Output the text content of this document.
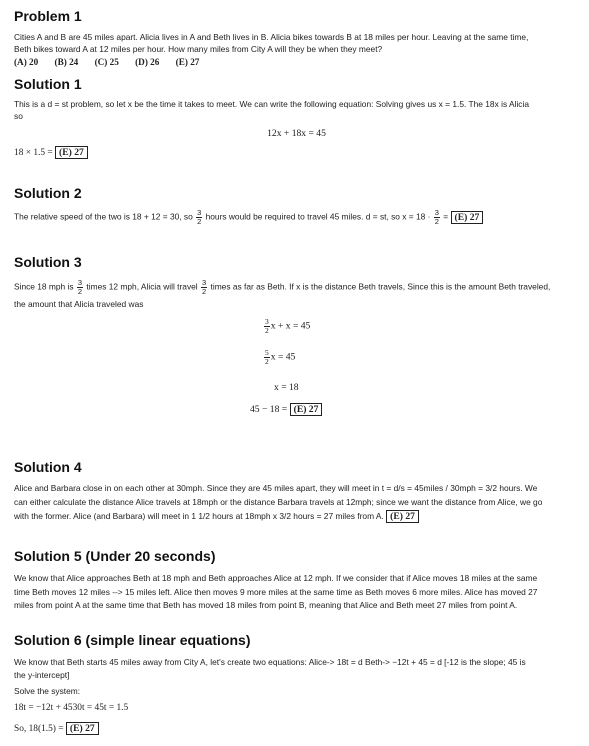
Problem 1

Cities A and B are 45 miles apart. Alicia lives in A and Beth lives in B. Alicia bikes towards B at 18 miles per hour. Leaving at the same time,

Beth bikes toward A at 12 miles per hour. How many miles from City A will they be when they meet?

(A) 20 (B) 24 (C) 25 (D) 26 (E) 27

Solution 1

This is a d = st problem, so let x be the time it takes to meet. We can write the following equation: Solving gives us x = 1.5. The 18x is Alicia

so

12x + 18x = 45

18 × 1.5 = (E) 27

Solution 2

The relative speed of the two is 18 + 12 = 30, so $\frac{3}{2}$ hours would be required to travel 45 miles. d = st, so $x = 18 \cdot \frac{3}{2} = (E)$ 27

Solution 3

Since 18 mph is $\frac{3}{2}$ times 12 mph, Alicia will travel $\frac{3}{2}$ times as far as Beth. If x is the distance Beth travels, Since this is the amount Beth traveled,

the amount that Alicia traveled was

$\frac{3}{2}$ x + x = 45
$\frac{5}{2}$ x = 45
x = 18
45 − 18 = (E) 27
Solution 4

Alice and Barbara close in on each other at 30mph. Since they are 45 miles apart, they will meet in t = d/s = 45miles / 30mph = 3/2 hours. We

can either calculate the distance Alice travels at 18mph or the distance Barbara travels at 12mph; since we want the distance from Alice, we go

with the former. Alice (and Barbara) will meet in 1 1/2 hours at 18mph x 3/2 hours = 27 miles from A. (E) 27

Solution 5 (Under 20 seconds)

We know that Alice approaches Beth at 18 mph and Beth approaches Alice at 12 mph. If we consider that if Alice moves 18 miles at the same

time Beth moves 12 miles --> 15 miles left. Alice then moves 9 more miles at the same time as Beth moves 6 more miles. Alice has moved 27

miles from point A at the same time that Beth has moved 18 miles from point B, meaning that Alice and Beth meet 27 miles from point A.

Solution 6 (simple linear equations)

We know that Beth starts 45 miles away from City A, let's create two equations: Alice-> 18t = d Beth-> −12t + 45 = d [-12 is the slope; 45 is

the y-intercept]

Solve the system:

18t = −12t + 4530t = 45t = 1.5

So, 18(1.5) = (E) 27
